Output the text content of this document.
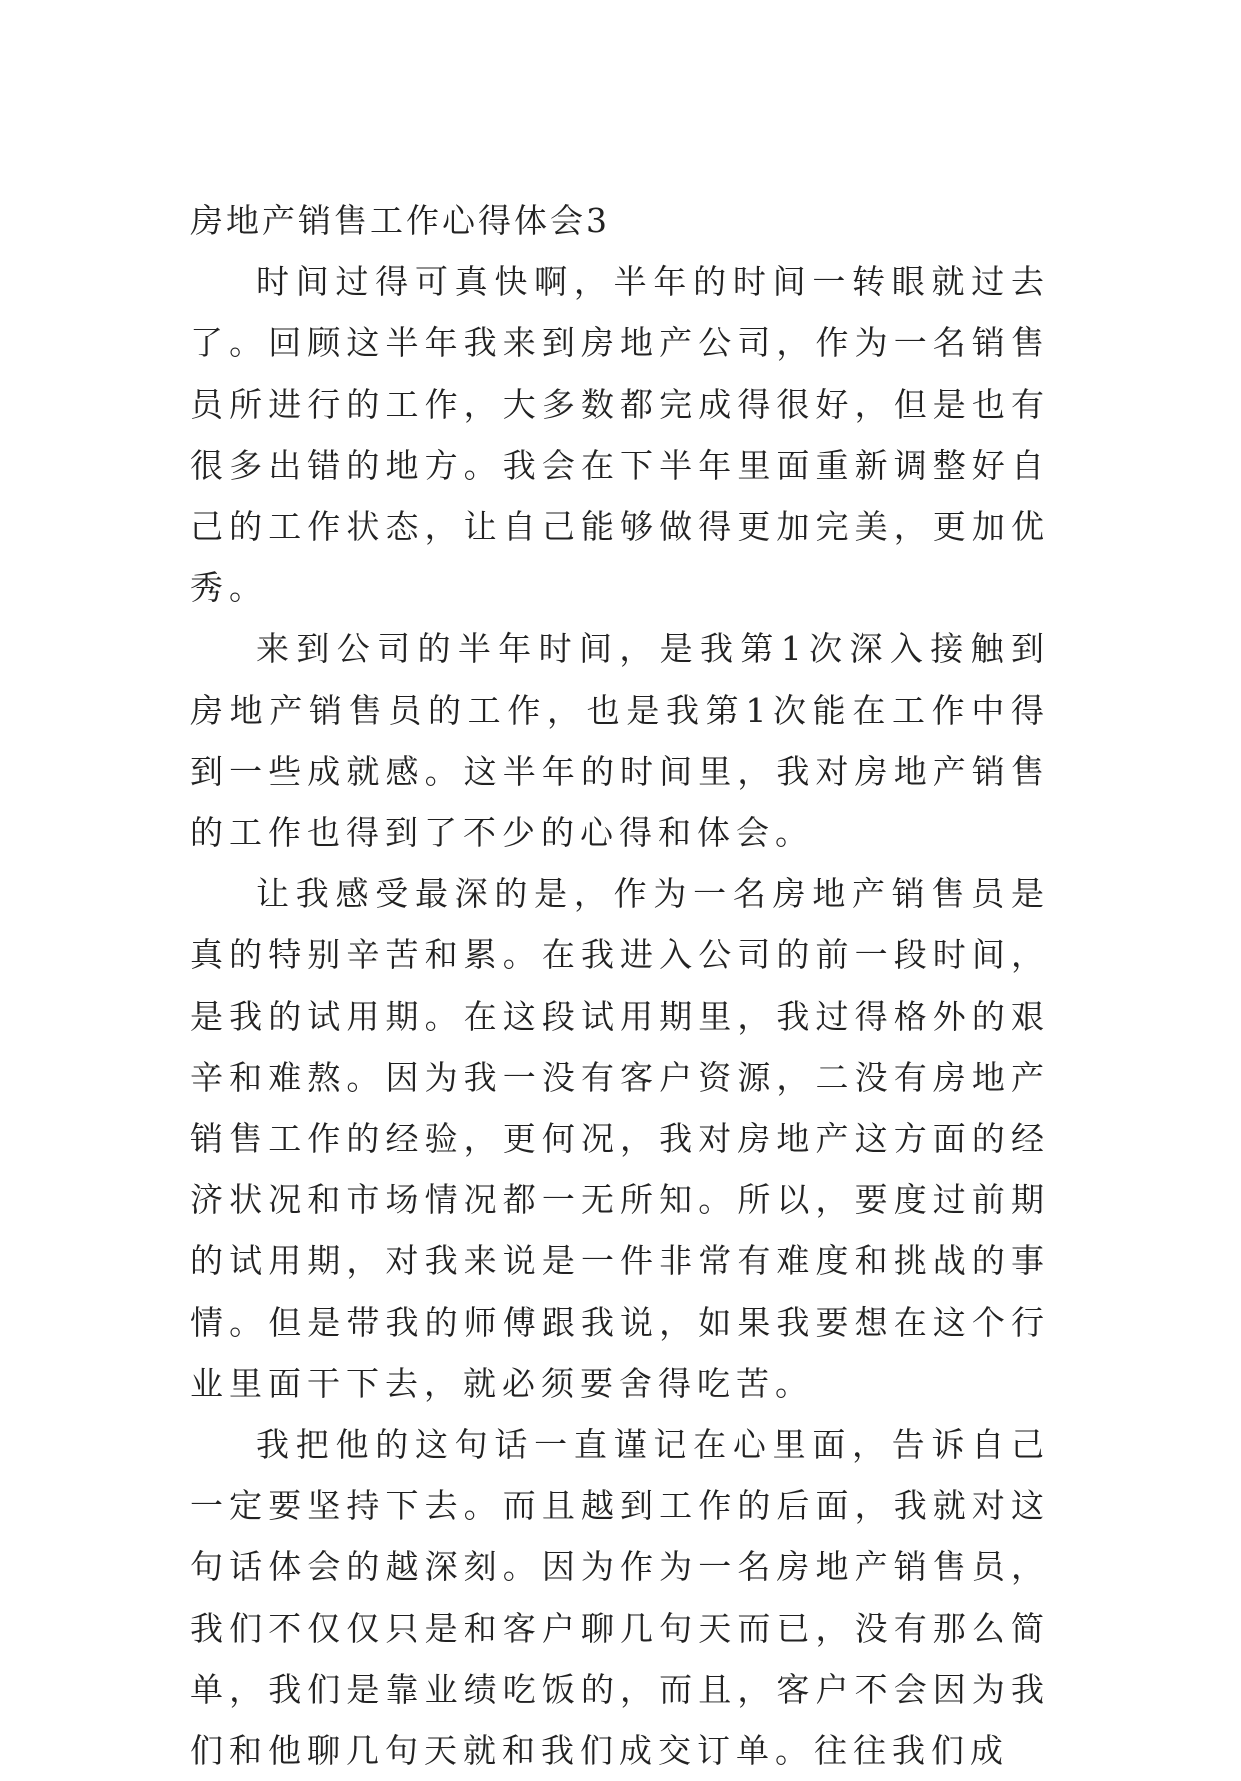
房地产销售工作心得体会3

时间过得可真快啊，半年的时间一转眼就过去了。回顾这半年我来到房地产公司，作为一名销售员所进行的工作，大多数都完成得很好，但是也有很多出错的地方。我会在下半年里面重新调整好自己的工作状态，让自己能够做得更加完美，更加优秀。

来到公司的半年时间，是我第1次深入接触到房地产销售员的工作，也是我第1次能在工作中得到一些成就感。这半年的时间里，我对房地产销售的工作也得到了不少的心得和体会。

让我感受最深的是，作为一名房地产销售员是真的特别辛苦和累。在我进入公司的前一段时间，是我的试用期。在这段试用期里，我过得格外的艰辛和难熬。因为我一没有客户资源，二没有房地产销售工作的经验，更何况，我对房地产这方面的经济状况和市场情况都一无所知。所以，要度过前期的试用期，对我来说是一件非常有难度和挑战的事情。但是带我的师傅跟我说，如果我要想在这个行业里面干下去，就必须要舍得吃苦。

我把他的这句话一直谨记在心里面，告诉自己一定要坚持下去。而且越到工作的后面，我就对这句话体会的越深刻。因为作为一名房地产销售员，我们不仅仅只是和客户聊几句天而已，没有那么简单，我们是靠业绩吃饭的，而且，客户不会因为我们和他聊几句天就和我们成交订单。往往我们成
